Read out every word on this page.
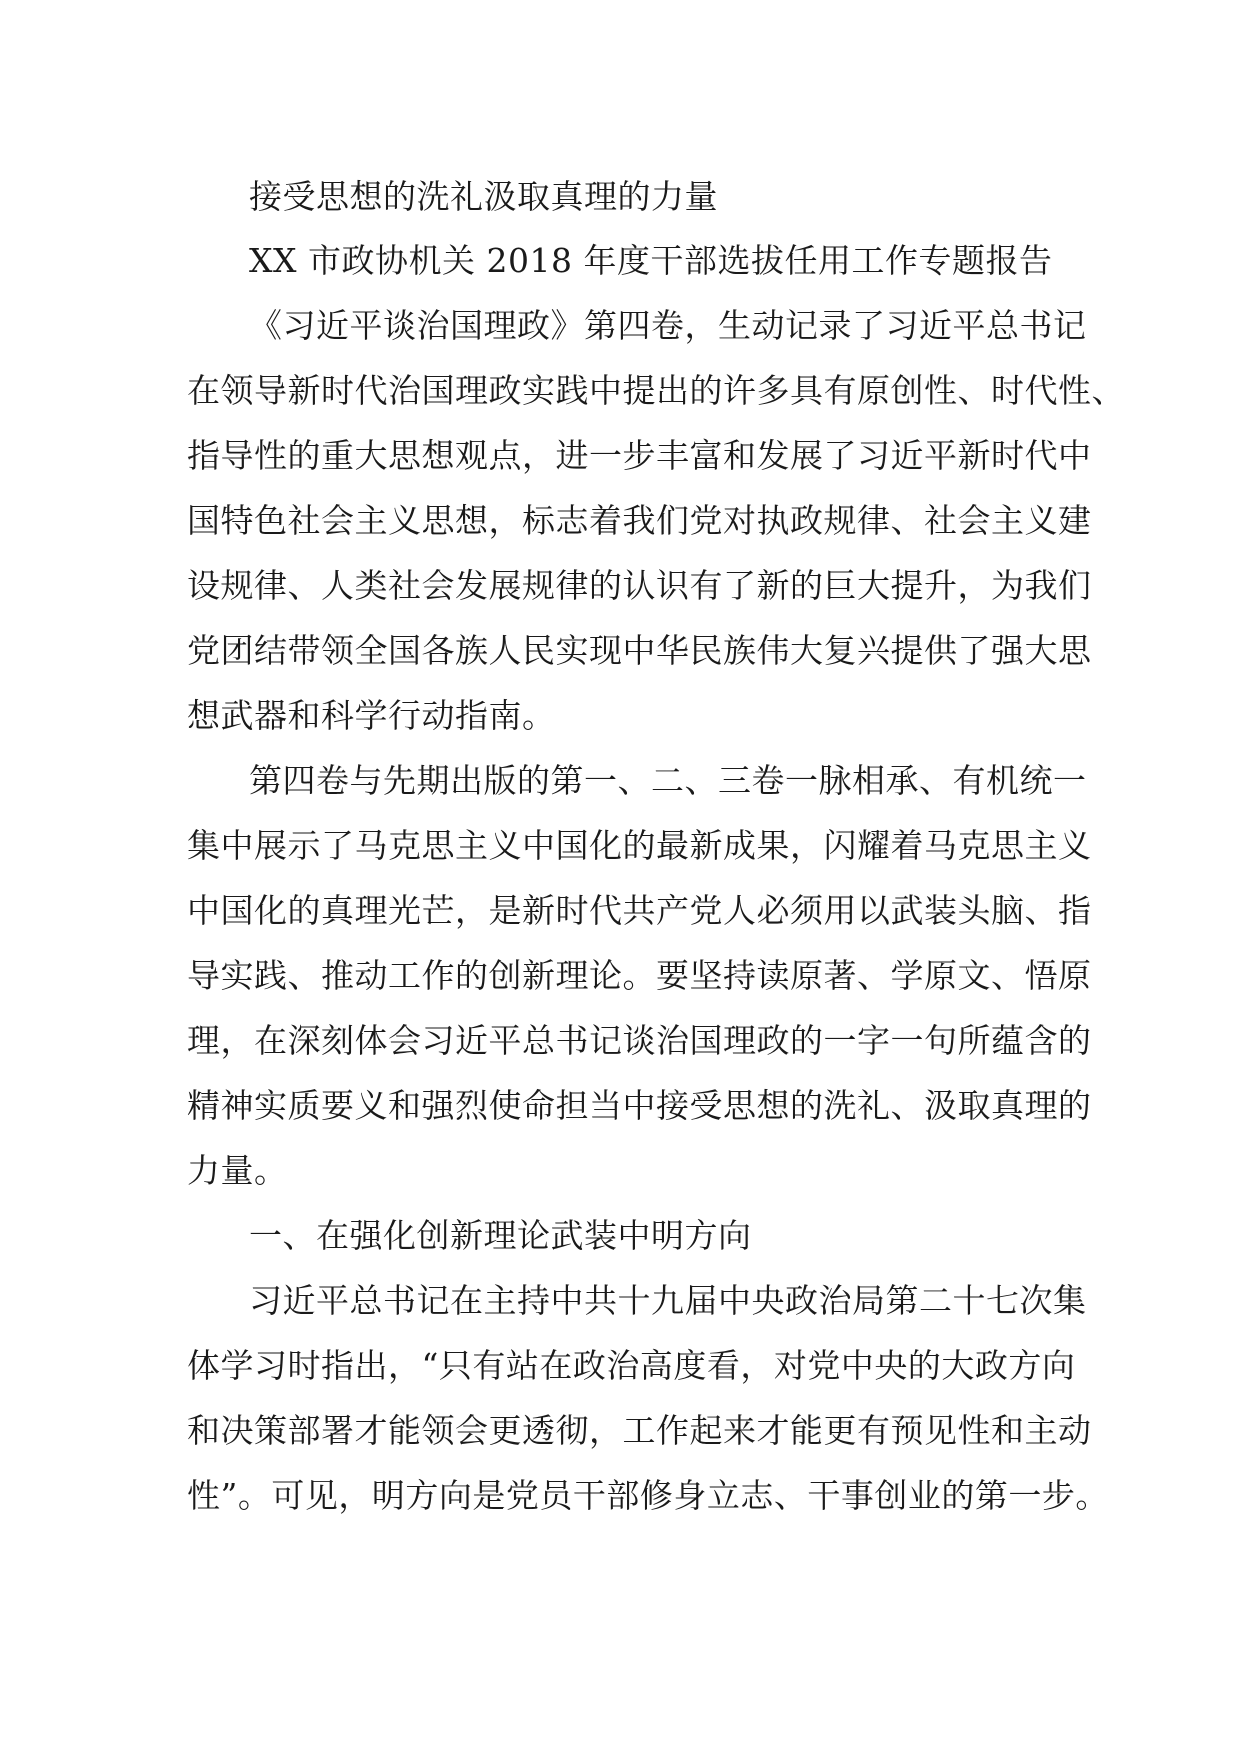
接受思想的洗礼汲取真理的力量
XX 市政协机关 2018 年度干部选拔任用工作专题报告
《习近平谈治国理政》第四卷，生动记录了习近平总书记
在领导新时代治国理政实践中提出的许多具有原创性、时代性、
指导性的重大思想观点，进一步丰富和发展了习近平新时代中
国特色社会主义思想，标志着我们党对执政规律、社会主义建
设规律、人类社会发展规律的认识有了新的巨大提升，为我们
党团结带领全国各族人民实现中华民族伟大复兴提供了强大思
想武器和科学行动指南。
第四卷与先期出版的第一、二、三卷一脉相承、有机统一
集中展示了马克思主义中国化的最新成果，闪耀着马克思主义
中国化的真理光芒，是新时代共产党人必须用以武装头脑、指
导实践、推动工作的创新理论。要坚持读原著、学原文、悟原
理，在深刻体会习近平总书记谈治国理政的一字一句所蕴含的
精神实质要义和强烈使命担当中接受思想的洗礼、汲取真理的
力量。
一、在强化创新理论武装中明方向
习近平总书记在主持中共十九届中央政治局第二十七次集
体学习时指出，“只有站在政治高度看，对党中央的大政方向
和决策部署才能领会更透彻，工作起来才能更有预见性和主动
性”。可见，明方向是党员干部修身立志、干事创业的第一步。
